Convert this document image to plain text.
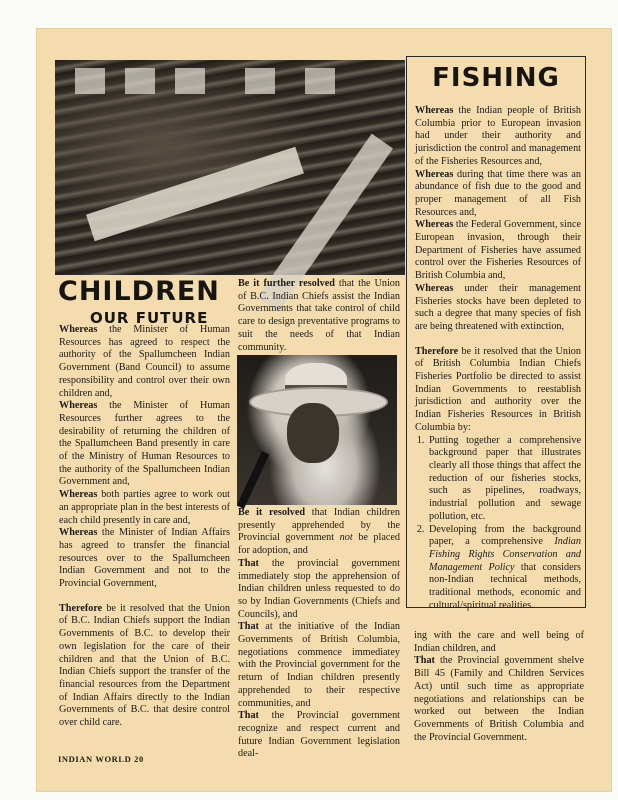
CHILDREN
OUR FUTURE

Whereas the Minister of Human Resources has agreed to respect the authority of the Spallumcheen Indian Government (Band Council) to assume responsibility and control over their own children and,

Whereas the Minister of Human Resources further agrees to the desirability of returning the children of the Spallumcheen Band presently in care of the Ministry of Human Resources to the authority of the Spallumcheen Indian Government and,

Whereas both parties agree to work out an appropriate plan in the best interests of each child presently in care and,

Whereas the Minister of Indian Affairs has agreed to transfer the financial resources over to the Spallumcheen Indian Government and not to the Provincial Government,

Therefore be it resolved that the Union of B.C. Indian Chiefs support the Indian Governments of B.C. to develop their own legislation for the care of their children and that the Union of B.C. Indian Chiefs support the transfer of the financial resources from the Department of Indian Affairs directly to the Indian Governments of B.C. that desire control over child care.

Be it further resolved that the Union of B.C. Indian Chiefs assist the Indian Governments that take control of child care to design preventative programs to suit the needs of that Indian community.

Be it resolved that Indian children presently apprehended by the Provincial government not be placed for adoption, and

That the provincial government immediately stop the apprehension of Indian children unless requested to do so by Indian Governments (Chiefs and Councils), and

That at the initiative of the Indian Governments of British Columbia, negotiations commence immediatey with the Provincial government for the return of Indian children presently apprehended to their respective communities, and

That the Provincial government recognize and respect current and future Indian Government legislation deal-

FISHING

Whereas the Indian people of British Columbia prior to European invasion had under their authority and jurisdiction the control and management of the Fisheries Resources and,

Whereas during that time there was an abundance of fish due to the good and proper management of all Fish Resources and,

Whereas the Federal Government, since European invasion, through their Department of Fisheries have assumed control over the Fisheries Resources of British Columbia and,

Whereas under their management Fisheries stocks have been depleted to such a degree that many species of fish are being threatened with extinction,

Therefore be it resolved that the Union of British Columbia Indian Chiefs Fisheries Portfolio be directed to assist Indian Governments to reestablish jurisdiction and authority over the Indian Fisheries Resources in British Columbia by:

1. Putting together a comprehensive background paper that illustrates clearly all those things that affect the reduction of our fisheries stocks, such as pipelines, roadways, industrial pollution and sewage pollution, etc.
2. Developing from the background paper, a comprehensive Indian Fishing Rights Conservation and Management Policy that considers non-Indian technical methods, traditional methods, economic and cultural/spiritual realities.

ing with the care and well being of Indian children, and

That the Provincial government shelve Bill 45 (Family and Children Services Act) until such time as appropriate negotiations and relationships can be worked out between the Indian Governments of British Columbia and the Provincial Government.

INDIAN WORLD 20
